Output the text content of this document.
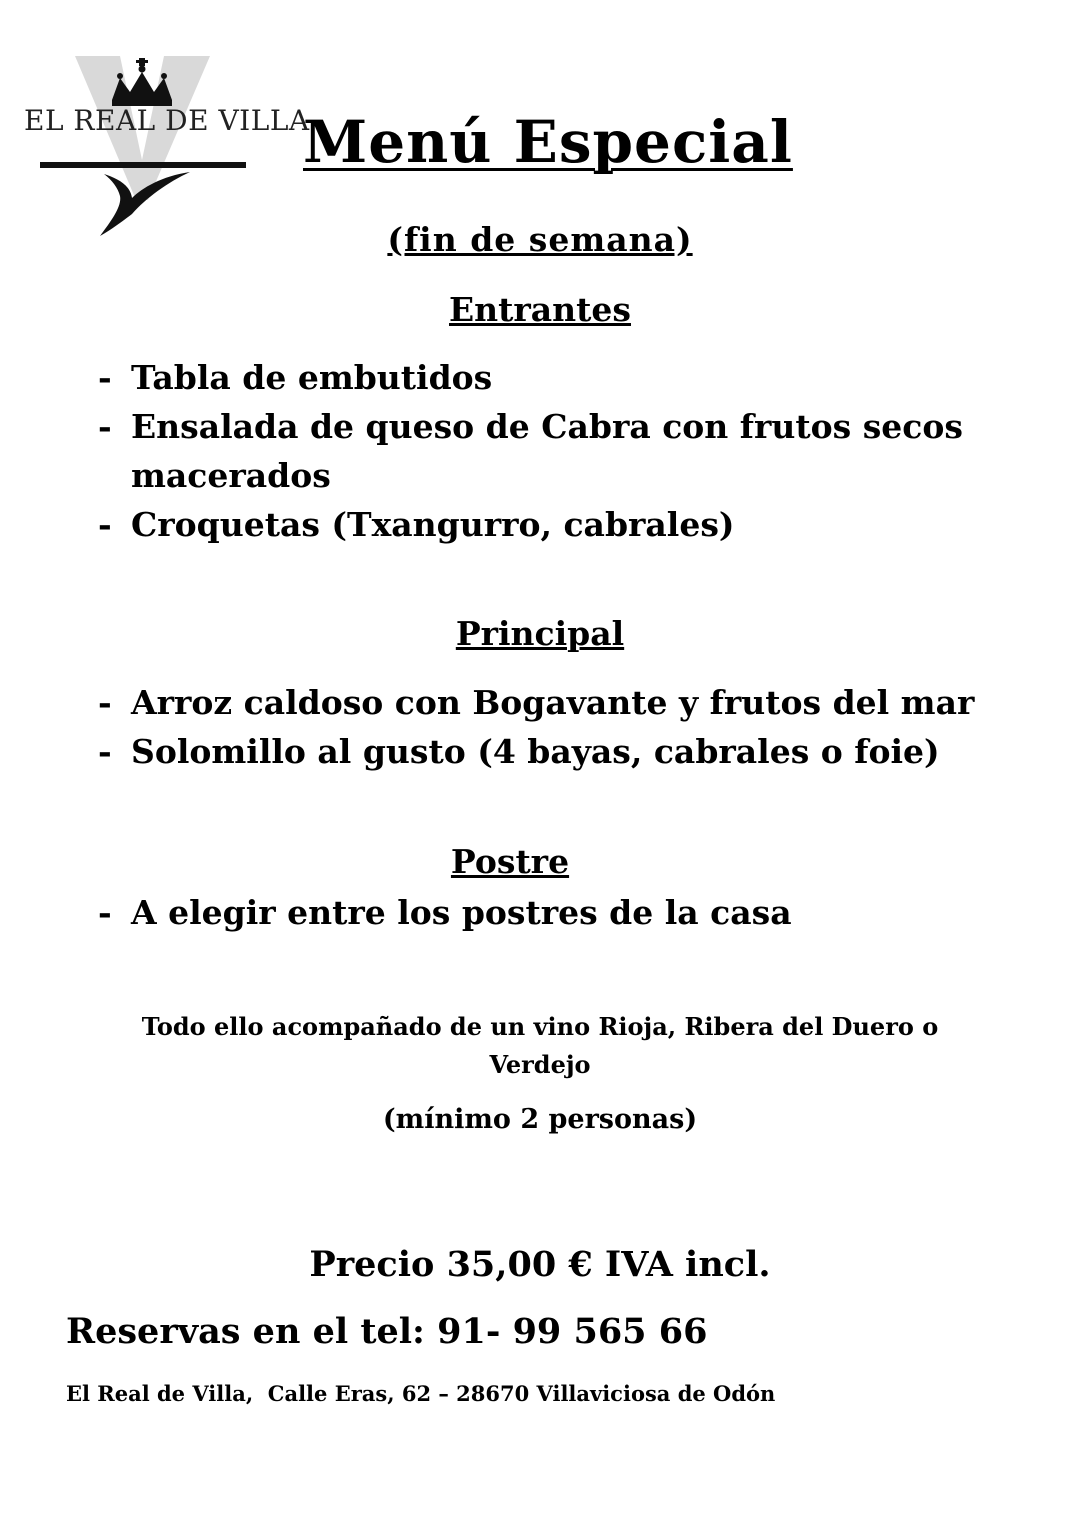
EL REAL DE VILLA
Menú Especial
(fin de semana)
Entrantes
- Tabla de embutidos
- Ensalada de queso de Cabra con frutos secos macerados
- Croquetas (Txangurro, cabrales)
Principal
- Arroz caldoso con Bogavante y frutos del mar
- Solomillo al gusto (4 bayas, cabrales o foie)
Postre
- A elegir entre los postres de la casa
Todo ello acompañado de un vino Rioja, Ribera del Duero o Verdejo
(mínimo 2 personas)
Precio 35,00 € IVA incl.
Reservas en el tel: 91- 99 565 66
El Real de Villa,  Calle Eras, 62 – 28670 Villaviciosa de Odón
